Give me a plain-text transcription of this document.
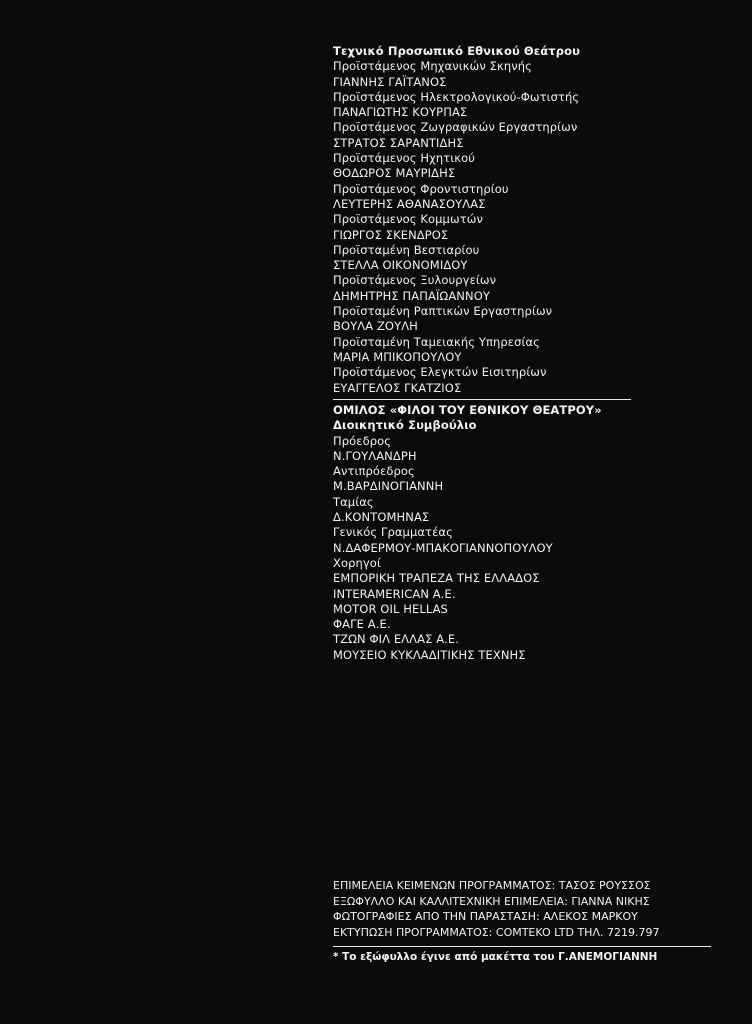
Τεχνικό Προσωπικό Εθνικού Θεάτρου
Προϊστάμενος Μηχανικών Σκηνής
ΓΙΑΝΝΗΣ ΓΑΪΤΑΝΟΣ
Προϊστάμενος Ηλεκτρολογικού-Φωτιστής
ΠΑΝΑΓΙΩΤΗΣ ΚΟΥΡΠΑΣ
Προϊστάμενος Ζωγραφικών Εργαστηρίων
ΣΤΡΑΤΟΣ ΣΑΡΑΝΤΙΔΗΣ
Προϊστάμενος Ηχητικού
ΘΟΔΩΡΟΣ ΜΑΥΡΙΔΗΣ
Προϊστάμενος Φροντιστηρίου
ΛΕΥΤΕΡΗΣ ΑΘΑΝΑΣΟΥΛΑΣ
Προϊστάμενος Κομμωτών
ΓΙΩΡΓΟΣ ΣΚΕΝΔΡΟΣ
Προϊσταμένη Βεστιαρίου
ΣΤΕΛΛΑ ΟΙΚΟΝΟΜΙΔΟΥ
Προϊστάμενος Ξυλουργείων
ΔΗΜΗΤΡΗΣ ΠΑΠΑΪΩΑΝΝΟΥ
Προϊσταμένη Ραπτικών Εργαστηρίων
ΒΟΥΛΑ ΖΟΥΛΗ
Προϊσταμένη Ταμειακής Υπηρεσίας
ΜΑΡΙΑ ΜΠΙΚΟΠΟΥΛΟΥ
Προϊστάμενος Ελεγκτών Εισιτηρίων
ΕΥΑΓΓΕΛΟΣ ΓΚΑΤΖΙΟΣ
ΟΜΙΛΟΣ «ΦΙΛΟΙ ΤΟΥ ΕΘΝΙΚΟΥ ΘΕΑΤΡΟΥ»
Διοικητικό Συμβούλιο
Πρόεδρος
Ν.ΓΟΥΛΑΝΔΡΗ
Αντιπρόεδρος
Μ.ΒΑΡΔΙΝΟΓΙΑΝΝΗ
Ταμίας
Δ.ΚΟΝΤΟΜΗΝΑΣ
Γενικός Γραμματέας
Ν.ΔΑΦΕΡΜΟΥ-ΜΠΑΚΟΓΙΑΝΝΟΠΟΥΛΟΥ
Χορηγοί
ΕΜΠΟΡΙΚΗ ΤΡΑΠΕΖΑ ΤΗΣ ΕΛΛΑΔΟΣ
INTERAMERICAN A.E.
MOTOR OIL HELLAS
ΦΑΓΕ Α.Ε.
ΤΖΩΝ ΦΙΛ ΕΛΛΑΣ Α.Ε.
ΜΟΥΣΕΙΟ ΚΥΚΛΑΔΙΤΙΚΗΣ ΤΕΧΝΗΣ
ΕΠΙΜΕΛΕΙΑ ΚΕΙΜΕΝΩΝ ΠΡΟΓΡΑΜΜΑΤΟΣ: ΤΑΣΟΣ ΡΟΥΣΣΟΣ
ΕΞΩΦΥΛΛΟ ΚΑΙ ΚΑΛΛΙΤΕΧΝΙΚΗ ΕΠΙΜΕΛΕΙΑ: ΓΙΑΝΝΑ ΝΙΚΗΣ
ΦΩΤΟΓΡΑΦΙΕΣ ΑΠΟ ΤΗΝ ΠΑΡΑΣΤΑΣΗ: ΑΛΕΚΟΣ ΜΑΡΚΟΥ
ΕΚΤΥΠΩΣΗ ΠΡΟΓΡΑΜΜΑΤΟΣ: COMTEKO LTD ΤΗΛ. 7219.797
* Το εξώφυλλο έγινε από μακέττα του Γ.ΑΝΕΜΟΓΙΑΝΝΗ
